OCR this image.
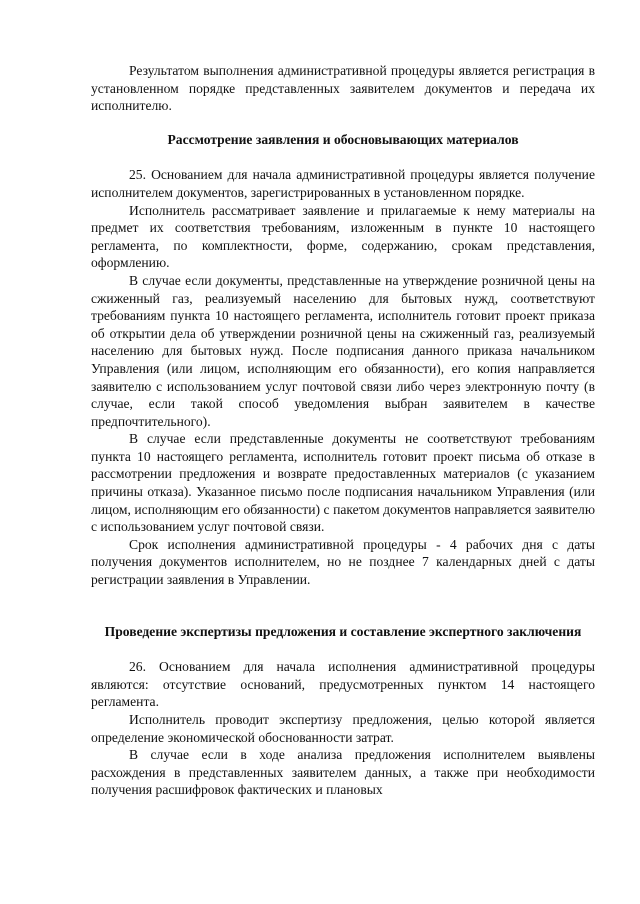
Результатом выполнения административной процедуры является регистрация в установленном порядке представленных заявителем документов и передача их исполнителю.

Рассмотрение заявления и обосновывающих материалов

25. Основанием для начала административной процедуры является получение исполнителем документов, зарегистрированных в установленном порядке.

Исполнитель рассматривает заявление и прилагаемые к нему материалы на предмет их соответствия требованиям, изложенным в пункте 10 настоящего регламента, по комплектности, форме, содержанию, срокам представления, оформлению.

В случае если документы, представленные на утверждение розничной цены на сжиженный газ, реализуемый населению для бытовых нужд, соответствуют требованиям пункта 10 настоящего регламента, исполнитель готовит проект приказа об открытии дела об утверждении розничной цены на сжиженный газ, реализуемый населению для бытовых нужд. После подписания данного приказа начальником Управления (или лицом, исполняющим его обязанности), его копия направляется заявителю с использованием услуг почтовой связи либо через электронную почту (в случае, если такой способ уведомления выбран заявителем в качестве предпочтительного).

В случае если представленные документы не соответствуют требованиям пункта 10 настоящего регламента, исполнитель готовит проект письма об отказе в рассмотрении предложения и возврате предоставленных материалов (с указанием причины отказа). Указанное письмо после подписания начальником Управления (или лицом, исполняющим его обязанности) с пакетом документов направляется заявителю с использованием услуг почтовой связи.

Срок исполнения административной процедуры - 4 рабочих дня с даты получения документов исполнителем, но не позднее 7 календарных дней с даты регистрации заявления в Управлении.

Проведение экспертизы предложения и составление экспертного заключения

26. Основанием для начала исполнения административной процедуры являются: отсутствие оснований, предусмотренных пунктом 14 настоящего регламента.

Исполнитель проводит экспертизу предложения, целью которой является определение экономической обоснованности затрат.

В случае если в ходе анализа предложения исполнителем выявлены расхождения в представленных заявителем данных, а также при необходимости получения расшифровок фактических и плановых
